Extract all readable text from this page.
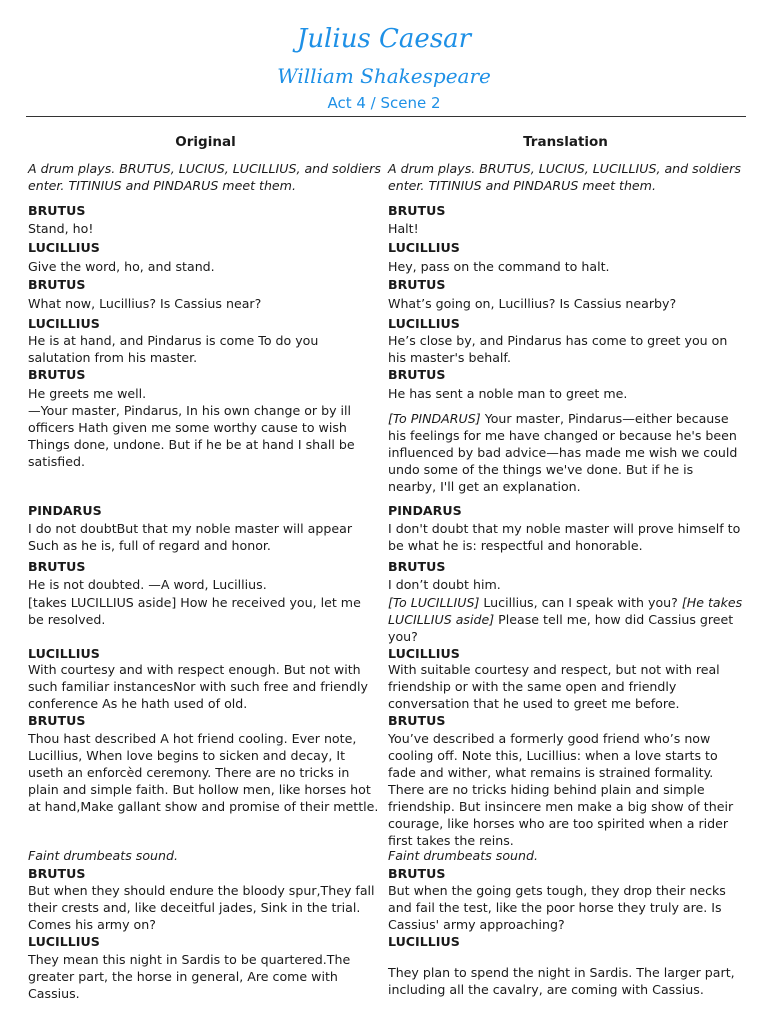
Julius Caesar
William Shakespeare
Act 4 / Scene 2
Original	Translation
A drum plays. BRUTUS, LUCIUS, LUCILLIUS, and soldiers enter. TITINIUS and PINDARUS meet them.
BRUTUS
Stand, ho!
LUCILLIUS
Give the word, ho, and stand.
BRUTUS
What now, Lucillius? Is Cassius near?
LUCILLIUS
He is at hand, and Pindarus is come To do you salutation from his master.
BRUTUS
He greets me well.
—Your master, Pindarus, In his own change or by ill officers Hath given me some worthy cause to wish Things done, undone. But if he be at hand I shall be satisfied.
PINDARUS
I do not doubtBut that my noble master will appear Such as he is, full of regard and honor.
BRUTUS
He is not doubted. —A word, Lucillius.
[takes LUCILLIUS aside] How he received you, let me be resolved.
LUCILLIUS
With courtesy and with respect enough. But not with such familiar instancesNor with such free and friendly conference As he hath used of old.
BRUTUS
Thou hast described A hot friend cooling. Ever note, Lucillius, When love begins to sicken and decay, It useth an enforcèd ceremony. There are no tricks in plain and simple faith. But hollow men, like horses hot at hand,Make gallant show and promise of their mettle.
Faint drumbeats sound.
BRUTUS
But when they should endure the bloody spur,They fall their crests and, like deceitful jades, Sink in the trial. Comes his army on?
LUCILLIUS
They mean this night in Sardis to be quartered.The greater part, the horse in general, Are come with Cassius.
A drum plays. BRUTUS, LUCIUS, LUCILLIUS, and soldiers enter. TITINIUS and PINDARUS meet them.
BRUTUS
Halt!
LUCILLIUS
Hey, pass on the command to halt.
BRUTUS
What’s going on, Lucillius? Is Cassius nearby?
LUCILLIUS
He’s close by, and Pindarus has come to greet you on his master's behalf.
BRUTUS
He has sent a noble man to greet me.
[To PINDARUS] Your master, Pindarus—either because his feelings for me have changed or because he's been influenced by bad advice—has made me wish we could undo some of the things we've done. But if he is nearby, I'll get an explanation.
PINDARUS
I don't doubt that my noble master will prove himself to be what he is: respectful and honorable.
BRUTUS
I don’t doubt him.
[To LUCILLIUS] Lucillius, can I speak with you? [He takes LUCILLIUS aside] Please tell me, how did Cassius greet you?
LUCILLIUS
With suitable courtesy and respect, but not with real friendship or with the same open and friendly conversation that he used to greet me before.
BRUTUS
You’ve described a formerly good friend who’s now cooling off. Note this, Lucillius: when a love starts to fade and wither, what remains is strained formality. There are no tricks hiding behind plain and simple friendship. But insincere men make a big show of their courage, like horses who are too spirited when a rider first takes the reins.
Faint drumbeats sound.
BRUTUS
But when the going gets tough, they drop their necks and fail the test, like the poor horse they truly are. Is Cassius' army approaching?
LUCILLIUS
They plan to spend the night in Sardis. The larger part, including all the cavalry, are coming with Cassius.
